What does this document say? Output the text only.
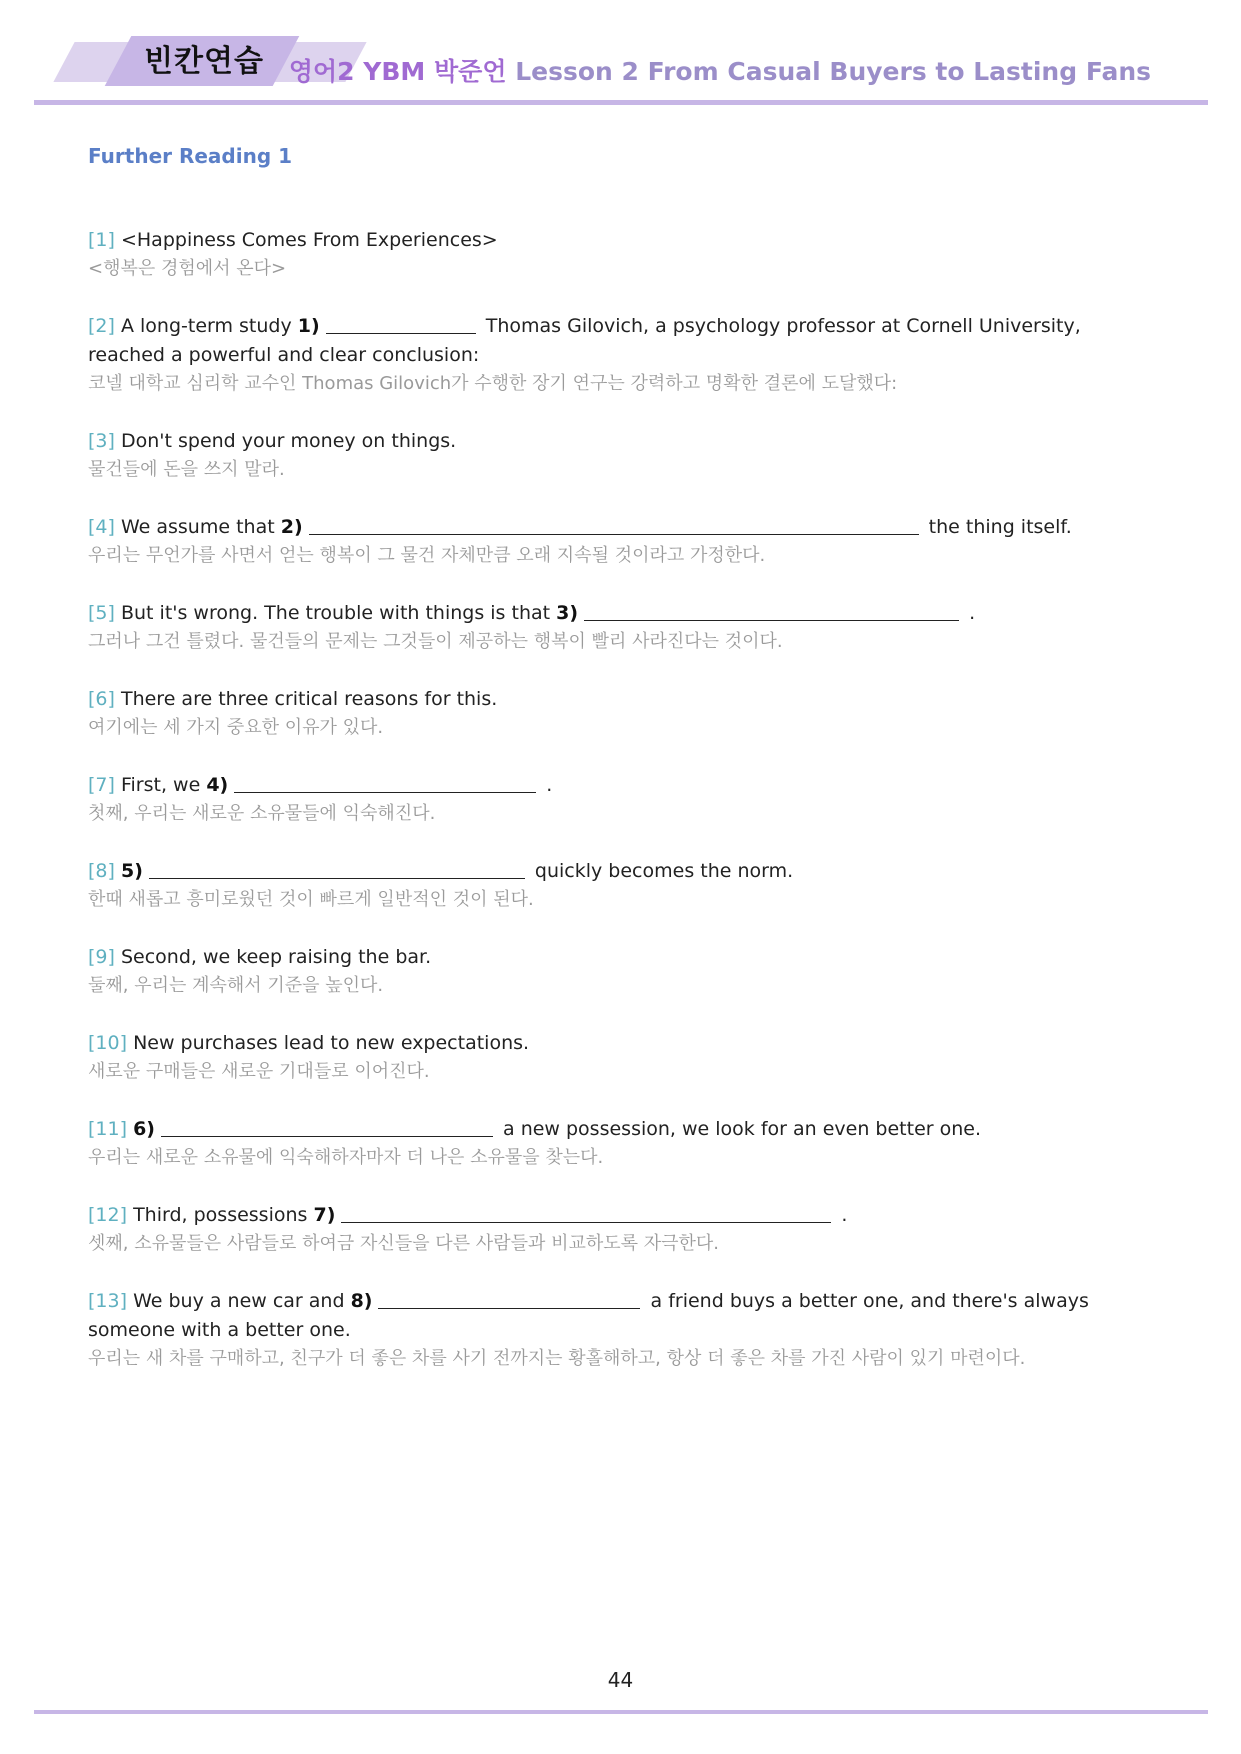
빈칸연습 영어2 YBM 박준언 Lesson 2 From Casual Buyers to Lasting Fans
Further Reading 1
[1] <Happiness Comes From Experiences>
<행복은 경험에서 온다>
[2] A long-term study 1)	Thomas Gilovich, a psychology professor at Cornell University, reached a powerful and clear conclusion:
코넬 대학교 심리학 교수인 Thomas Gilovich가 수행한 장기 연구는 강력하고 명확한 결론에 도달했다:
[3] Don't spend your money on things.
물건들에 돈을 쓰지 말라.
[4] We assume that 2)	the thing itself.
우리는 무언가를 사면서 얻는 행복이 그 물건 자체만큼 오래 지속될 것이라고 가정한다.
[5] But it's wrong. The trouble with things is that 3)	.
그러나 그건 틀렸다. 물건들의 문제는 그것들이 제공하는 행복이 빨리 사라진다는 것이다.
[6] There are three critical reasons for this.
여기에는 세 가지 중요한 이유가 있다.
[7] First, we 4)	.
첫째, 우리는 새로운 소유물들에 익숙해진다.
[8] 5)	quickly becomes the norm.
한때 새롭고 흥미로웠던 것이 빠르게 일반적인 것이 된다.
[9] Second, we keep raising the bar.
둘째, 우리는 계속해서 기준을 높인다.
[10] New purchases lead to new expectations.
새로운 구매들은 새로운 기대들로 이어진다.
[11] 6)	a new possession, we look for an even better one.
우리는 새로운 소유물에 익숙해하자마자 더 나은 소유물을 찾는다.
[12] Third, possessions 7)	.
셋째, 소유물들은 사람들로 하여금 자신들을 다른 사람들과 비교하도록 자극한다.
[13] We buy a new car and 8)	a friend buys a better one, and there's always someone with a better one.
우리는 새 차를 구매하고, 친구가 더 좋은 차를 사기 전까지는 황홀해하고, 항상 더 좋은 차를 가진 사람이 있기 마련이다.
44
